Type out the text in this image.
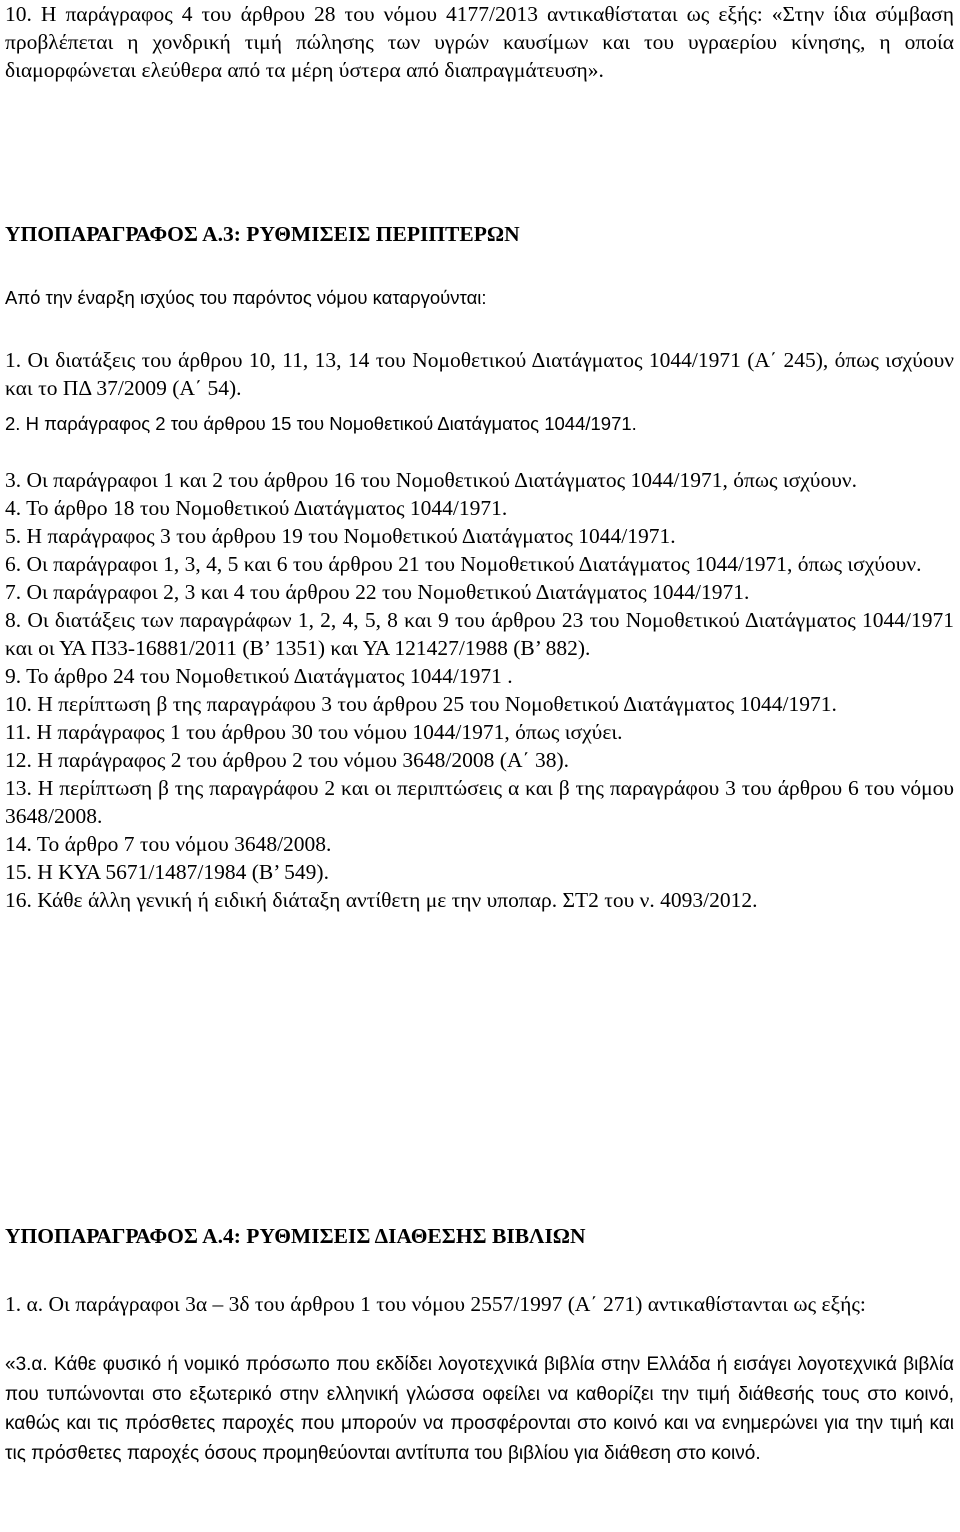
10. Η παράγραφος 4 του άρθρου 28 του νόμου 4177/2013 αντικαθίσταται ως εξής: «Στην ίδια σύμβαση προβλέπεται η χονδρική τιμή πώλησης των υγρών καυσίμων και του υγραερίου κίνησης, η οποία διαμορφώνεται ελεύθερα από τα μέρη ύστερα από διαπραγμάτευση».

ΥΠΟΠΑΡΑΓΡΑΦΟΣ Α.3: ΡΥΘΜΙΣΕΙΣ ΠΕΡΙΠΤΕΡΩΝ
Από την έναρξη ισχύος του παρόντος νόμου καταργούνται:

1. Οι διατάξεις του άρθρου 10, 11, 13, 14 του Νομοθετικού Διατάγματος 1044/1971 (Α΄ 245), όπως ισχύουν και το ΠΔ 37/2009 (Α΄ 54).

2. Η παράγραφος 2 του άρθρου 15 του Νομοθετικού Διατάγματος 1044/1971.
3. Οι παράγραφοι 1 και 2 του άρθρου 16 του Νομοθετικού Διατάγματος 1044/1971, όπως ισχύουν.
4. Το άρθρο 18 του Νομοθετικού Διατάγματος 1044/1971.
5. Η παράγραφος 3 του άρθρου 19 του Νομοθετικού Διατάγματος 1044/1971.
6. Οι παράγραφοι 1, 3, 4, 5 και 6 του άρθρου 21 του Νομοθετικού Διατάγματος 1044/1971, όπως ισχύουν.
7. Οι παράγραφοι 2, 3 και 4 του άρθρου 22 του Νομοθετικού Διατάγματος 1044/1971.
8. Οι διατάξεις των παραγράφων 1, 2, 4, 5, 8 και 9 του άρθρου 23 του Νομοθετικού Διατάγματος 1044/1971 και οι ΥΑ Π33-16881/2011 (Β’ 1351) και ΥΑ 121427/1988 (Β’ 882).
9. Το άρθρο 24 του Νομοθετικού Διατάγματος 1044/1971 .
10. Η περίπτωση β της παραγράφου 3 του άρθρου 25 του Νομοθετικού Διατάγματος 1044/1971.
11. Η παράγραφος 1 του άρθρου 30 του νόμου 1044/1971, όπως ισχύει.
12. Η παράγραφος 2 του άρθρου 2 του νόμου 3648/2008 (Α΄ 38).
13. Η περίπτωση β της παραγράφου 2 και οι περιπτώσεις α και β της παραγράφου 3 του άρθρου 6 του νόμου 3648/2008.
14. Το άρθρο 7 του νόμου 3648/2008.
15. Η ΚΥΑ 5671/1487/1984 (Β’ 549).
16. Κάθε άλλη γενική ή ειδική διάταξη αντίθετη με την υποπαρ. ΣΤ2 του ν. 4093/2012.
ΥΠΟΠΑΡΑΓΡΑΦΟΣ Α.4: ΡΥΘΜΙΣΕΙΣ ΔΙΑΘΕΣΗΣ ΒΙΒΛΙΩΝ

1. α. Οι παράγραφοι 3α – 3δ του άρθρου 1 του νόμου 2557/1997 (Α΄ 271) αντικαθίστανται ως εξής:

«3.α. Κάθε φυσικό ή νομικό πρόσωπο που εκδίδει λογοτεχνικά βιβλία στην Ελλάδα ή εισάγει λογοτεχνικά βιβλία που τυπώνονται στο εξωτερικό στην ελληνική γλώσσα οφείλει να καθορίζει την τιμή διάθεσής τους στο κοινό, καθώς και τις πρόσθετες παροχές που μπορούν να προσφέρονται στο κοινό και να ενημερώνει για την τιμή και τις πρόσθετες παροχές όσους προμηθεύονται αντίτυπα του βιβλίου για διάθεση στο κοινό.
